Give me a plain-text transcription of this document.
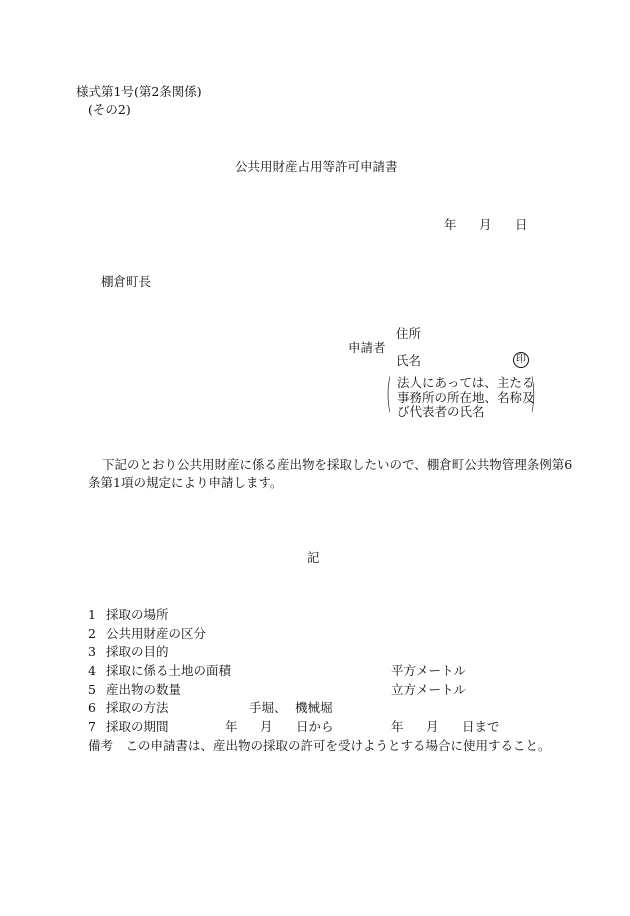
様式第1号(第2条関係)
(その2)
公共用財産占用等許可申請書
年 月 日
棚倉町長
住所
申請者
氏名	印
( 法人にあっては、主たる
事務所の所在地、名称及
び代表者の氏名	)
下記のとおり公共用財産に係る産出物を採取したいので、棚倉町公共物管理条例第6
条第1項の規定により申請します。
記
1 採取の場所
2 公共用財産の区分
3 採取の目的
4 採取に係る土地の面積	平方メートル
5 産出物の数量	立方メートル
6 採取の方法	手堀、 機械堀
7 採取の期間	年 月 日から	年 月 日まで
備考　この申請書は、産出物の採取の許可を受けようとする場合に使用すること。
